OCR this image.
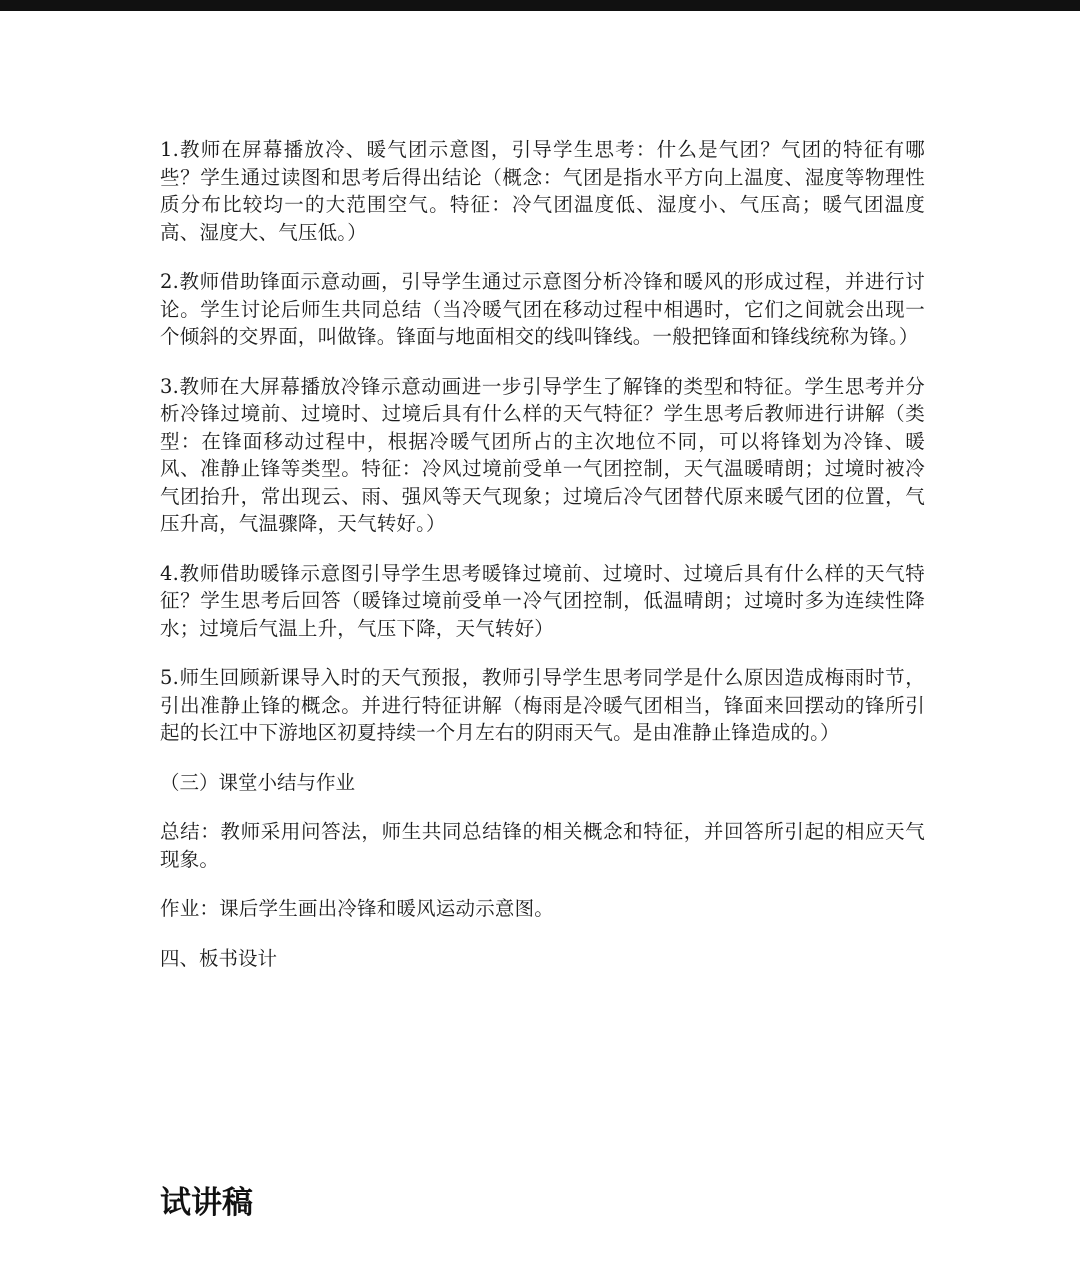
1.教师在屏幕播放冷、暖气团示意图，引导学生思考：什么是气团？气团的特征有哪些？学生通过读图和思考后得出结论（概念：气团是指水平方向上温度、湿度等物理性质分布比较均一的大范围空气。特征：冷气团温度低、湿度小、气压高；暖气团温度高、湿度大、气压低。）

2.教师借助锋面示意动画，引导学生通过示意图分析冷锋和暖风的形成过程，并进行讨论。学生讨论后师生共同总结（当冷暖气团在移动过程中相遇时，它们之间就会出现一个倾斜的交界面，叫做锋。锋面与地面相交的线叫锋线。一般把锋面和锋线统称为锋。）

3.教师在大屏幕播放冷锋示意动画进一步引导学生了解锋的类型和特征。学生思考并分析冷锋过境前、过境时、过境后具有什么样的天气特征？学生思考后教师进行讲解（类型：在锋面移动过程中，根据冷暖气团所占的主次地位不同，可以将锋划为冷锋、暖风、准静止锋等类型。特征：冷风过境前受单一气团控制，天气温暖晴朗；过境时被冷气团抬升，常出现云、雨、强风等天气现象；过境后冷气团替代原来暖气团的位置，气压升高，气温骤降，天气转好。）

4.教师借助暖锋示意图引导学生思考暖锋过境前、过境时、过境后具有什么样的天气特征？学生思考后回答（暖锋过境前受单一冷气团控制，低温晴朗；过境时多为连续性降水；过境后气温上升，气压下降，天气转好）

5.师生回顾新课导入时的天气预报，教师引导学生思考同学是什么原因造成梅雨时节，引出准静止锋的概念。并进行特征讲解（梅雨是冷暖气团相当，锋面来回摆动的锋所引起的长江中下游地区初夏持续一个月左右的阴雨天气。是由准静止锋造成的。）

（三）课堂小结与作业

总结：教师采用问答法，师生共同总结锋的相关概念和特征，并回答所引起的相应天气现象。

作业：课后学生画出冷锋和暖风运动示意图。

四、板书设计

试讲稿
